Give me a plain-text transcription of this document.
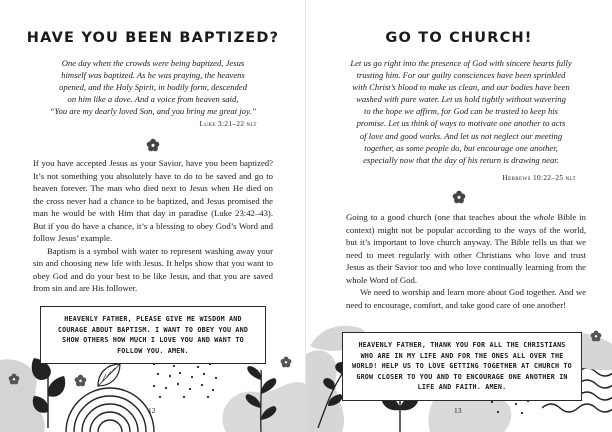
HAVE YOU BEEN BAPTIZED?
One day when the crowds were being baptized, Jesus
himself was baptized. As he was praying, the heavens
opened, and the Holy Spirit, in bodily form, descended
on him like a dove. And a voice from heaven said,
“You are my dearly loved Son, and you bring me great joy.”
Luke 3:21–22 nlt

If you have accepted Jesus as your Savior, have you been baptized? It’s not something you absolutely have to do to be saved and go to heaven forever. The man who died next to Jesus when He died on the cross never had a chance to be baptized, and Jesus promised the man he would be with Him that day in paradise (Luke 23:42–43). But if you do have a chance, it’s a blessing to obey God’s Word and follow Jesus’ example.

Baptism is a symbol with water to represent washing away your sin and choosing new life with Jesus. It helps show that you want to obey God and do your best to be like Jesus, and that you are saved from sin and are His follower.

HEAVENLY FATHER, PLEASE GIVE ME WISDOM AND COURAGE ABOUT BAPTISM. I WANT TO OBEY YOU AND SHOW OTHERS HOW MUCH I LOVE YOU AND WANT TO FOLLOW YOU. AMEN.
12
GO TO CHURCH!
Let us go right into the presence of God with sincere hearts fully
trusting him. For our guilty consciences have been sprinkled
with Christ’s blood to make us clean, and our bodies have been
washed with pure water. Let us hold tightly without wavering
to the hope we affirm, for God can be trusted to keep his
promise. Let us think of ways to motivate one another to acts
of love and good works. And let us not neglect our meeting
together, as some people do, but encourage one another,
especially now that the day of his return is drawing near.
Hebrews 10:22–25 nlt

Going to a good church (one that teaches about the whole Bible in context) might not be popular according to the ways of the world, but it’s important to love church anyway. The Bible tells us that we need to meet regularly with other Christians who love and trust Jesus as their Savior too and who love continually learning from the whole Word of God.

We need to worship and learn more about God together. And we need to encourage, comfort, and take good care of one another!

HEAVENLY FATHER, THANK YOU FOR ALL THE CHRISTIANS WHO ARE IN MY LIFE AND FOR THE ONES ALL OVER THE WORLD! HELP US TO LOVE GETTING TOGETHER AT CHURCH TO GROW CLOSER TO YOU AND TO ENCOURAGE ONE ANOTHER IN LIFE AND FAITH. AMEN.
13
